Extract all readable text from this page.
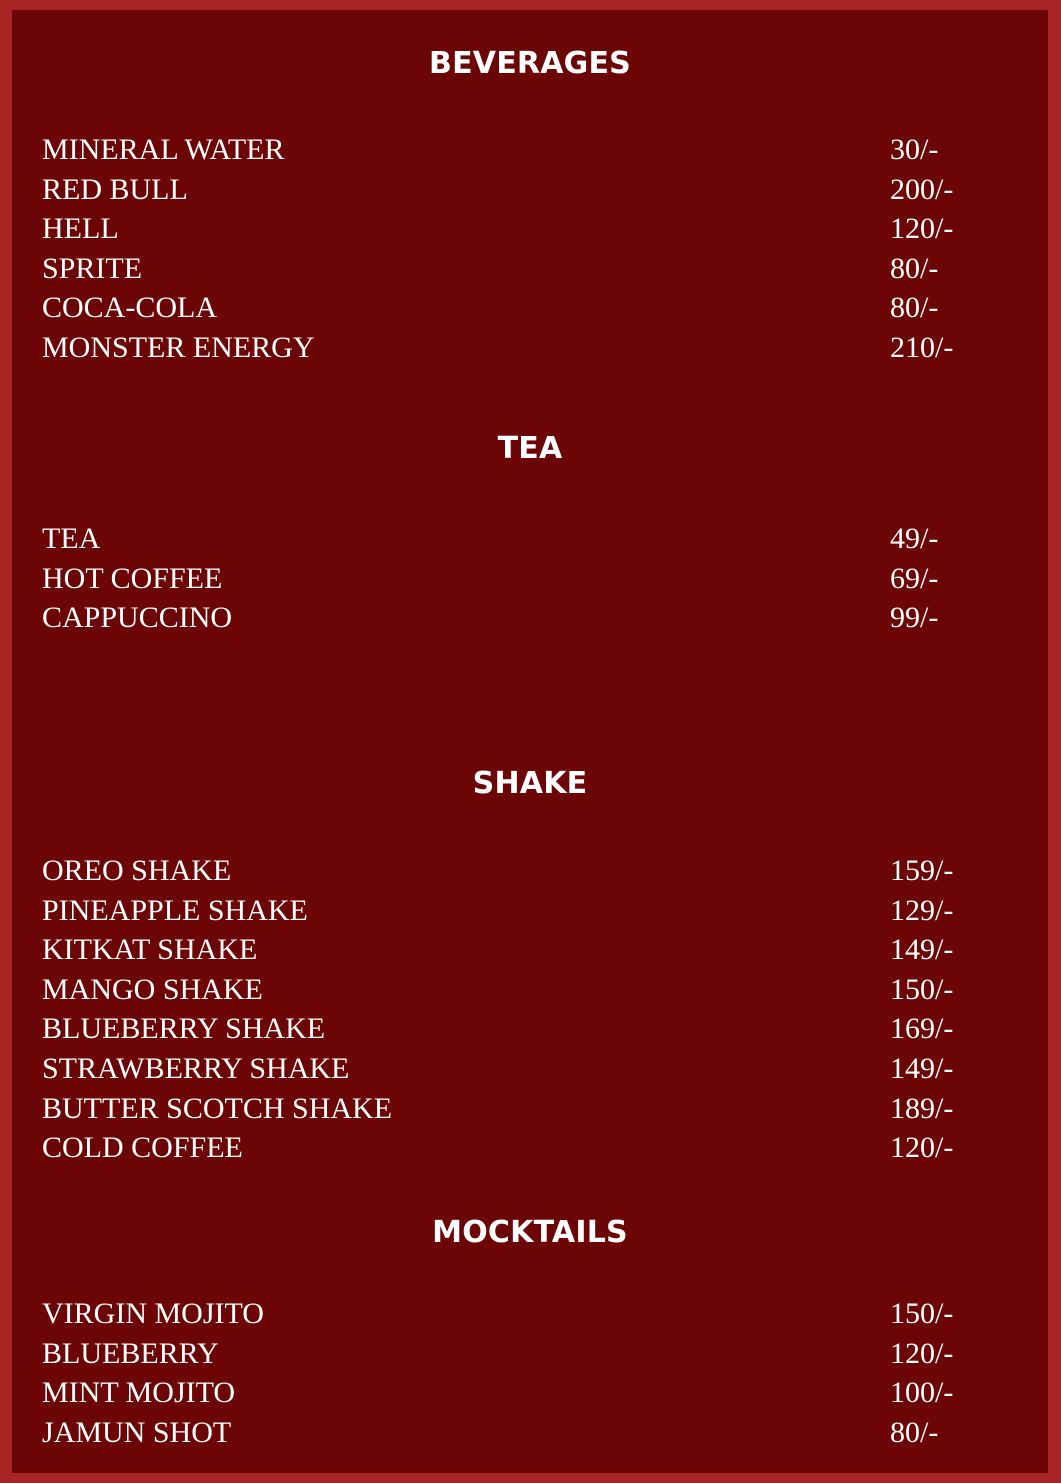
BEVERAGES
MINERAL WATER	30/-
RED BULL	200/-
HELL	120/-
SPRITE	80/-
COCA-COLA	80/-
MONSTER ENERGY	210/-
TEA
TEA	49/-
HOT COFFEE	69/-
CAPPUCCINO	99/-
SHAKE
OREO SHAKE	159/-
PINEAPPLE SHAKE	129/-
KITKAT SHAKE	149/-
MANGO SHAKE	150/-
BLUEBERRY SHAKE	169/-
STRAWBERRY SHAKE	149/-
BUTTER SCOTCH SHAKE	189/-
COLD COFFEE	120/-
MOCKTAILS
VIRGIN MOJITO	150/-
BLUEBERRY	120/-
MINT MOJITO	100/-
JAMUN SHOT	80/-
